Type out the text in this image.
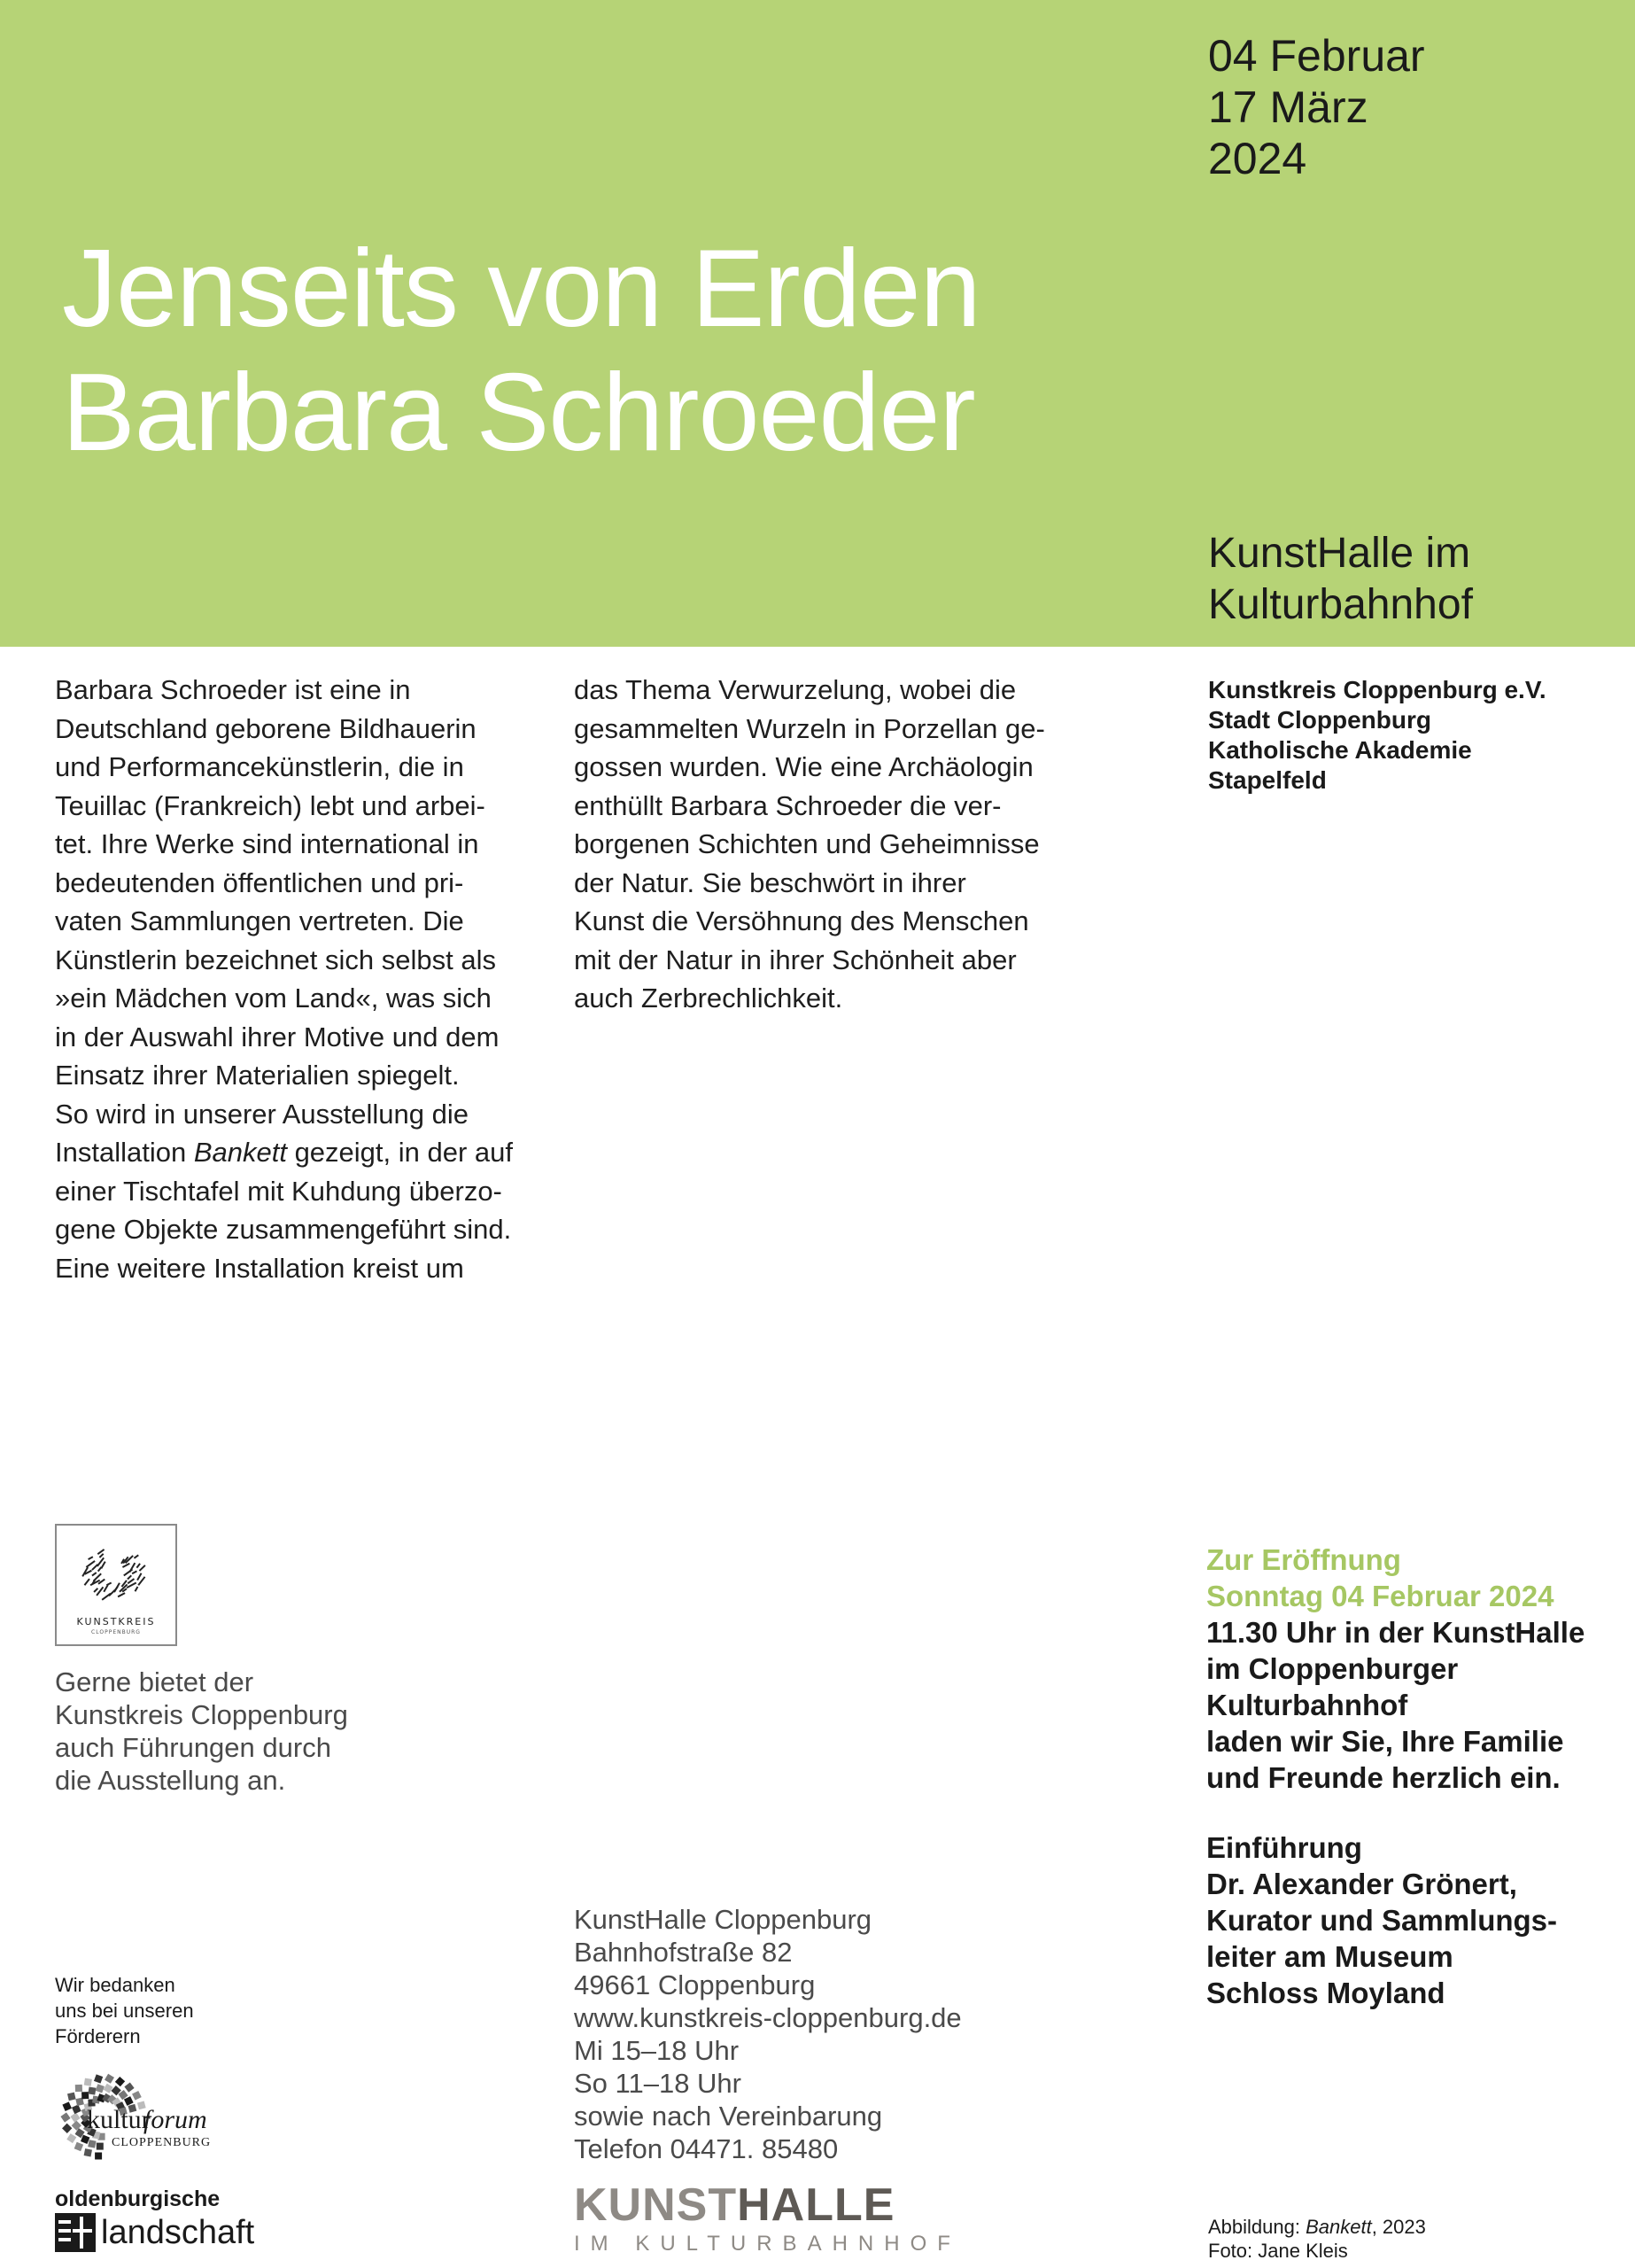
04 Februar
17 März
2024
Jenseits von Erden
Barbara Schroeder
KunstHalle im
Kulturbahnhof
Barbara Schroeder ist eine in
Deutschland geborene Bildhauerin
und Performancekünstlerin, die in
Teuillac (Frankreich) lebt und arbei-
tet. Ihre Werke sind international in
bedeutenden öffentlichen und pri-
vaten Sammlungen vertreten. Die
Künstlerin bezeichnet sich selbst als
»ein Mädchen vom Land«, was sich
in der Auswahl ihrer Motive und dem
Einsatz ihrer Materialien spiegelt.
So wird in unserer Ausstellung die
Installation Bankett gezeigt, in der auf
einer Tischtafel mit Kuhdung überzo-
gene Objekte zusammengeführt sind.
Eine weitere Installation kreist um
das Thema Verwurzelung, wobei die
gesammelten Wurzeln in Porzellan ge-
gossen wurden. Wie eine Archäologin
enthüllt Barbara Schroeder die ver-
borgenen Schichten und Geheimnisse
der Natur. Sie beschwört in ihrer
Kunst die Versöhnung des Menschen
mit der Natur in ihrer Schönheit aber
auch Zerbrechlichkeit.
Kunstkreis Cloppenburg e.V.
Stadt Cloppenburg
Katholische Akademie
Stapelfeld
KUNSTKREIS
CLOPPENBURG
Gerne bietet der
Kunstkreis Cloppenburg
auch Führungen durch
die Ausstellung an.
Zur Eröffnung
Sonntag 04 Februar 2024
11.30 Uhr in der KunstHalle
im Cloppenburger
Kulturbahnhof
laden wir Sie, Ihre Familie
und Freunde herzlich ein.
Einführung
Dr. Alexander Grönert,
Kurator und Sammlungs-
leiter am Museum
Schloss Moyland
KunstHalle Cloppenburg
Bahnhofstraße 82
49661 Cloppenburg
www.kunstkreis-cloppenburg.de
Mi 15–18 Uhr
So 11–18 Uhr
sowie nach Vereinbarung
Telefon 04471. 85480
Wir bedanken
uns bei unseren
Förderern
kultur
forum
CLOPPENBURG
oldenburgische
landschaft
KUNSTHALLE
IM KULTURBAHNHOF
Abbildung: Bankett, 2023
Foto: Jane Kleis
